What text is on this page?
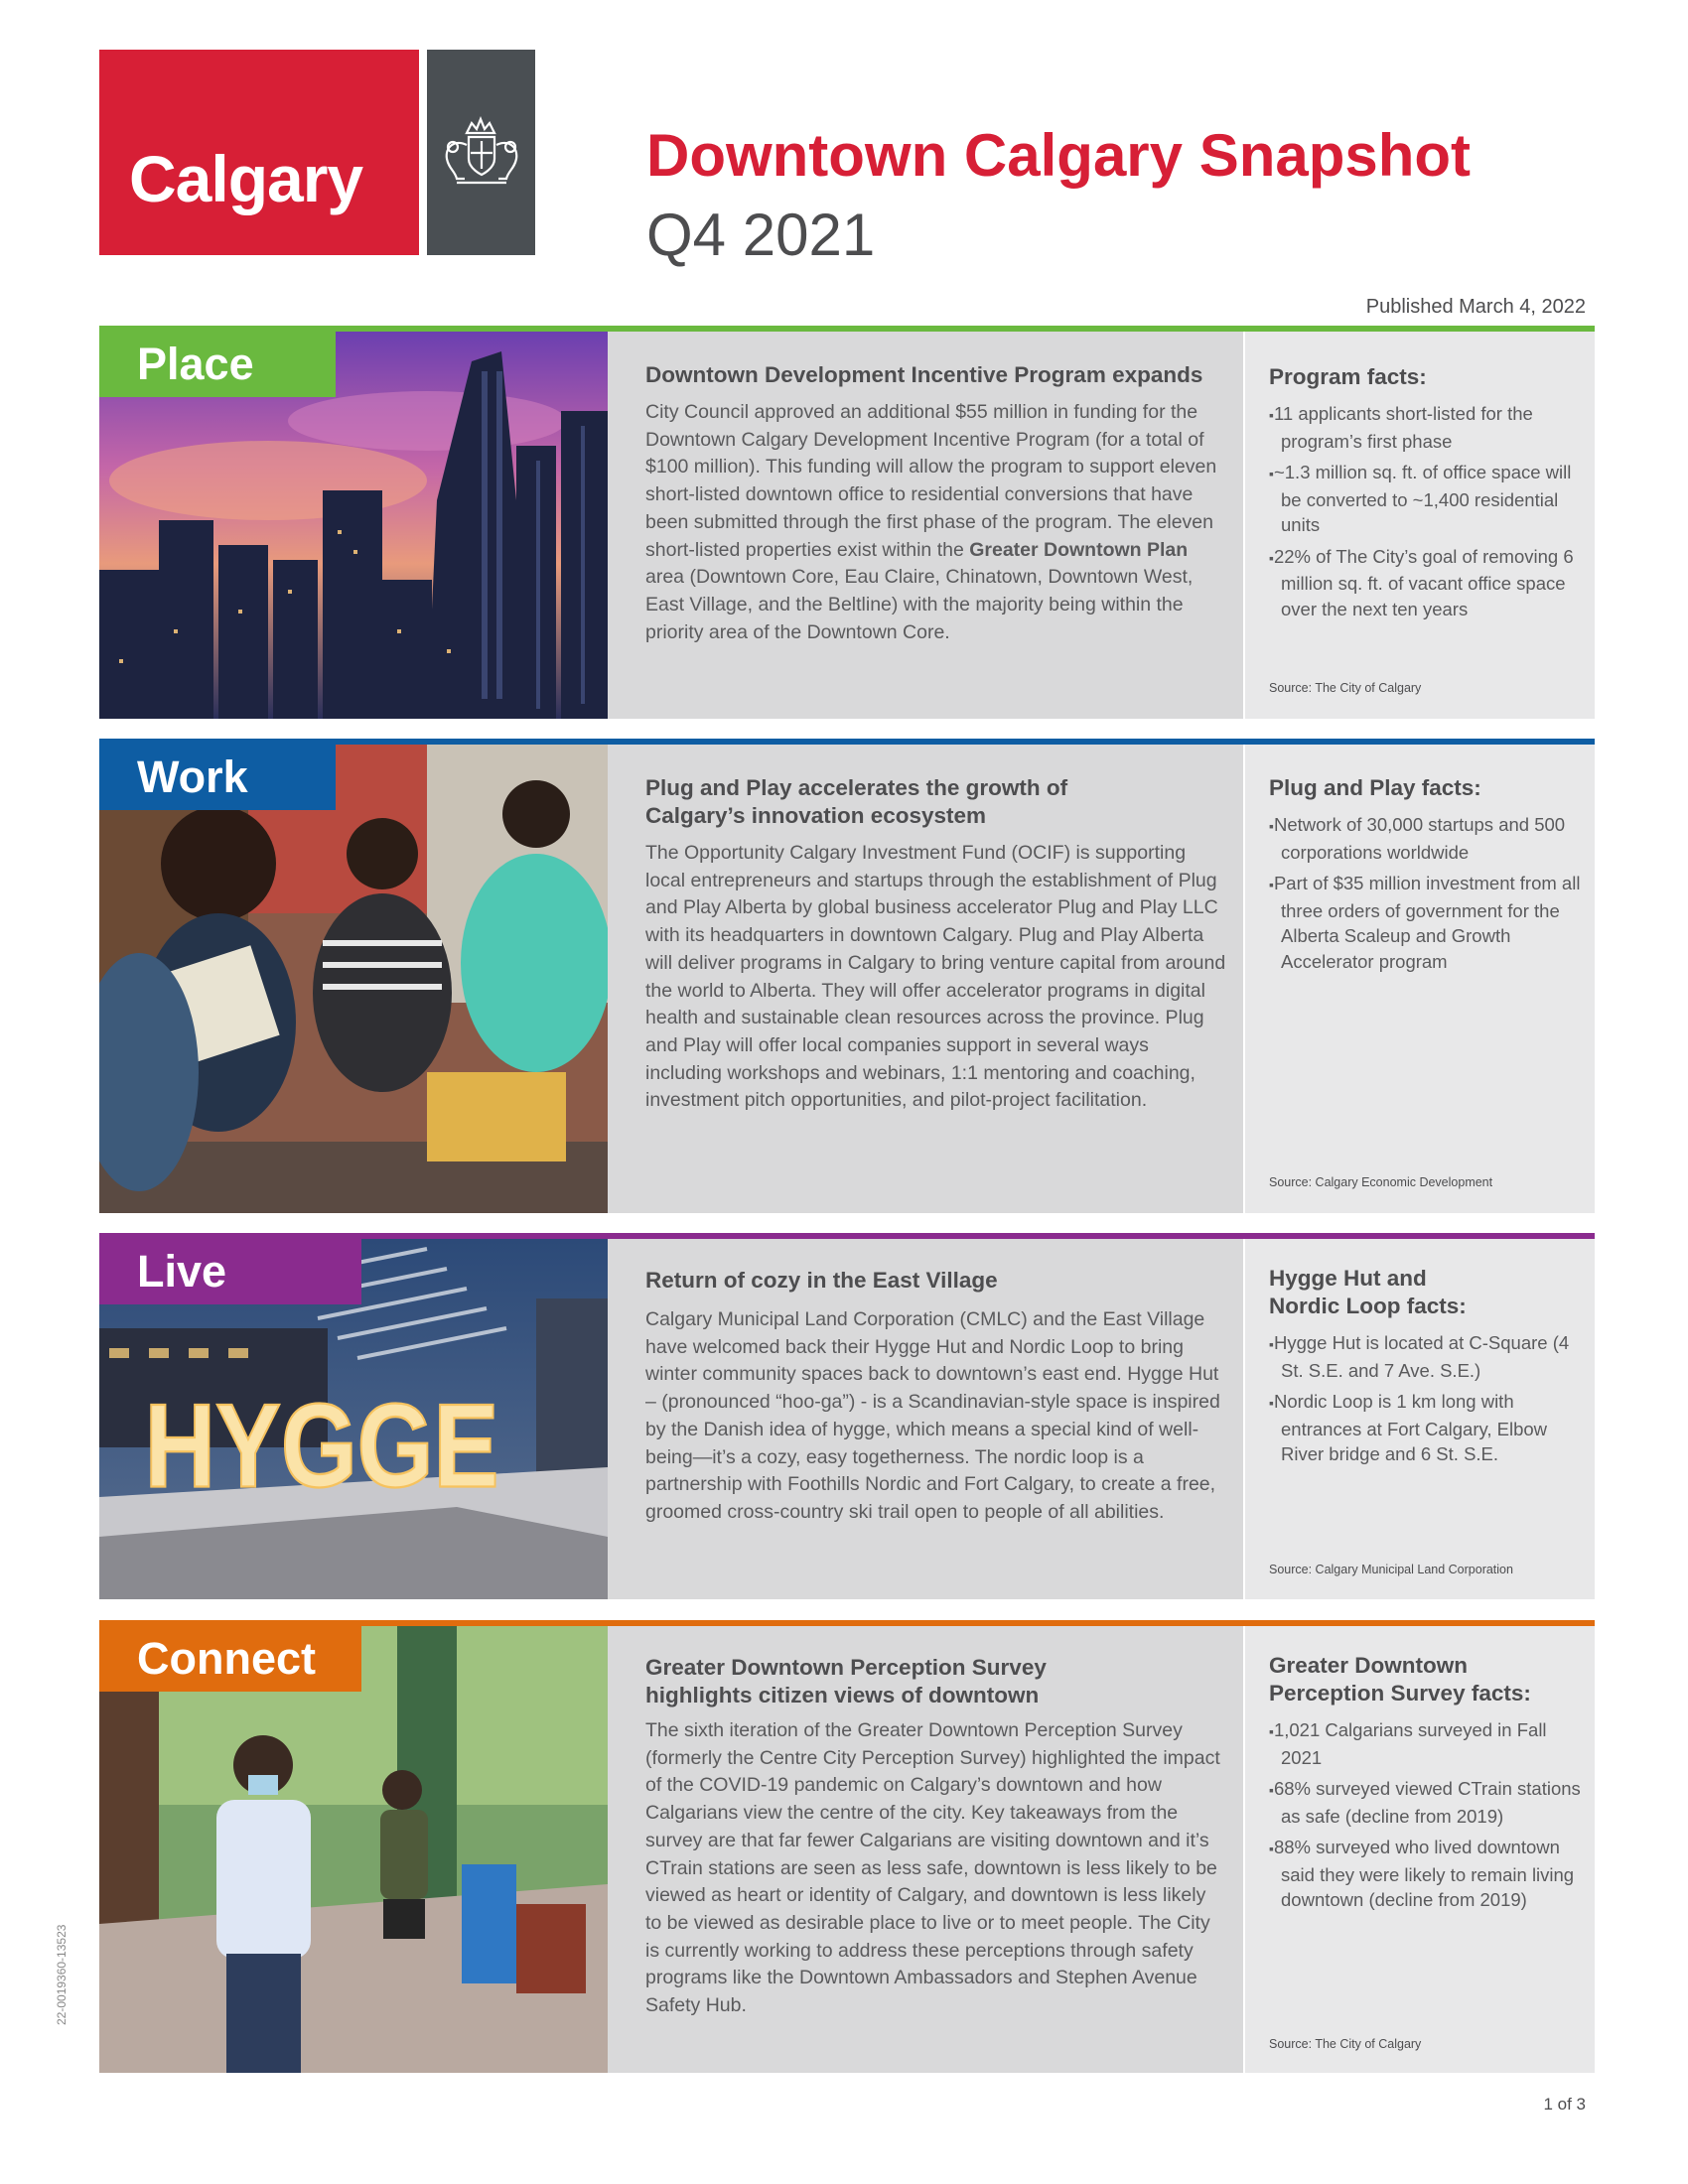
Calgary	Downtown Calgary Snapshot
Q4 2021
Published March 4, 2022
Place	Downtown Development Incentive Program expands
City Council approved an additional $55 million in funding for the Downtown Calgary Development Incentive Program (for a total of $100 million). This funding will allow the program to support eleven short-listed downtown office to residential conversions that have been submitted through the first phase of the program. The eleven short-listed properties exist within the Greater Downtown Plan area (Downtown Core, Eau Claire, Chinatown, Downtown West, East Village, and the Beltline) with the majority being within the priority area of the Downtown Core.
Program facts:
▪ 11 applicants short-listed for the program’s first phase
▪ ~1.3 million sq. ft. of office space will be converted to ~1,400 residential units
▪ 22% of The City’s goal of removing 6 million sq. ft. of vacant office space over the next ten years
Source: The City of Calgary
Work	Plug and Play accelerates the growth of Calgary’s innovation ecosystem
The Opportunity Calgary Investment Fund (OCIF) is supporting local entrepreneurs and startups through the establishment of Plug and Play Alberta by global business accelerator Plug and Play LLC with its headquarters in downtown Calgary. Plug and Play Alberta will deliver programs in Calgary to bring venture capital from around the world to Alberta. They will offer accelerator programs in digital health and sustainable clean resources across the province. Plug and Play will offer local companies support in several ways including workshops and webinars, 1:1 mentoring and coaching, investment pitch opportunities, and pilot-project facilitation.
Plug and Play facts:
▪ Network of 30,000 startups and 500 corporations worldwide
▪ Part of $35 million investment from all three orders of government for the Alberta Scaleup and Growth Accelerator program
Source: Calgary Economic Development
HYGGE
Live	Return of cozy in the East Village
Calgary Municipal Land Corporation (CMLC) and the East Village have welcomed back their Hygge Hut and Nordic Loop to bring winter community spaces back to downtown’s east end. Hygge Hut – (pronounced “hoo-ga”) - is a Scandinavian-style space is inspired by the Danish idea of hygge, which means a special kind of well-being—it’s a cozy, easy togetherness. The nordic loop is a partnership with Foothills Nordic and Fort Calgary, to create a free, groomed cross-country ski trail open to people of all abilities.
Hygge Hut and Nordic Loop facts:
▪ Hygge Hut is located at C-Square (4 St. S.E. and 7 Ave. S.E.)
▪ Nordic Loop is 1 km long with entrances at Fort Calgary, Elbow River bridge and 6 St. S.E.
Source: Calgary Municipal Land Corporation
Connect	Greater Downtown Perception Survey highlights citizen views of downtown
The sixth iteration of the Greater Downtown Perception Survey (formerly the Centre City Perception Survey) highlighted the impact of the COVID-19 pandemic on Calgary’s downtown and how Calgarians view the centre of the city. Key takeaways from the survey are that far fewer Calgarians are visiting downtown and it’s CTrain stations are seen as less safe, downtown is less likely to be viewed as heart or identity of Calgary, and downtown is less likely to be viewed as desirable place to live or to meet people. The City is currently working to address these perceptions through safety programs like the Downtown Ambassadors and Stephen Avenue Safety Hub.
Greater Downtown Perception Survey facts:
▪ 1,021 Calgarians surveyed in Fall 2021
▪ 68% surveyed viewed CTrain stations as safe (decline from 2019)
▪ 88% surveyed who lived downtown said they were likely to remain living downtown (decline from 2019)
Source: The City of Calgary
22-0019360-13523
1 of 3
